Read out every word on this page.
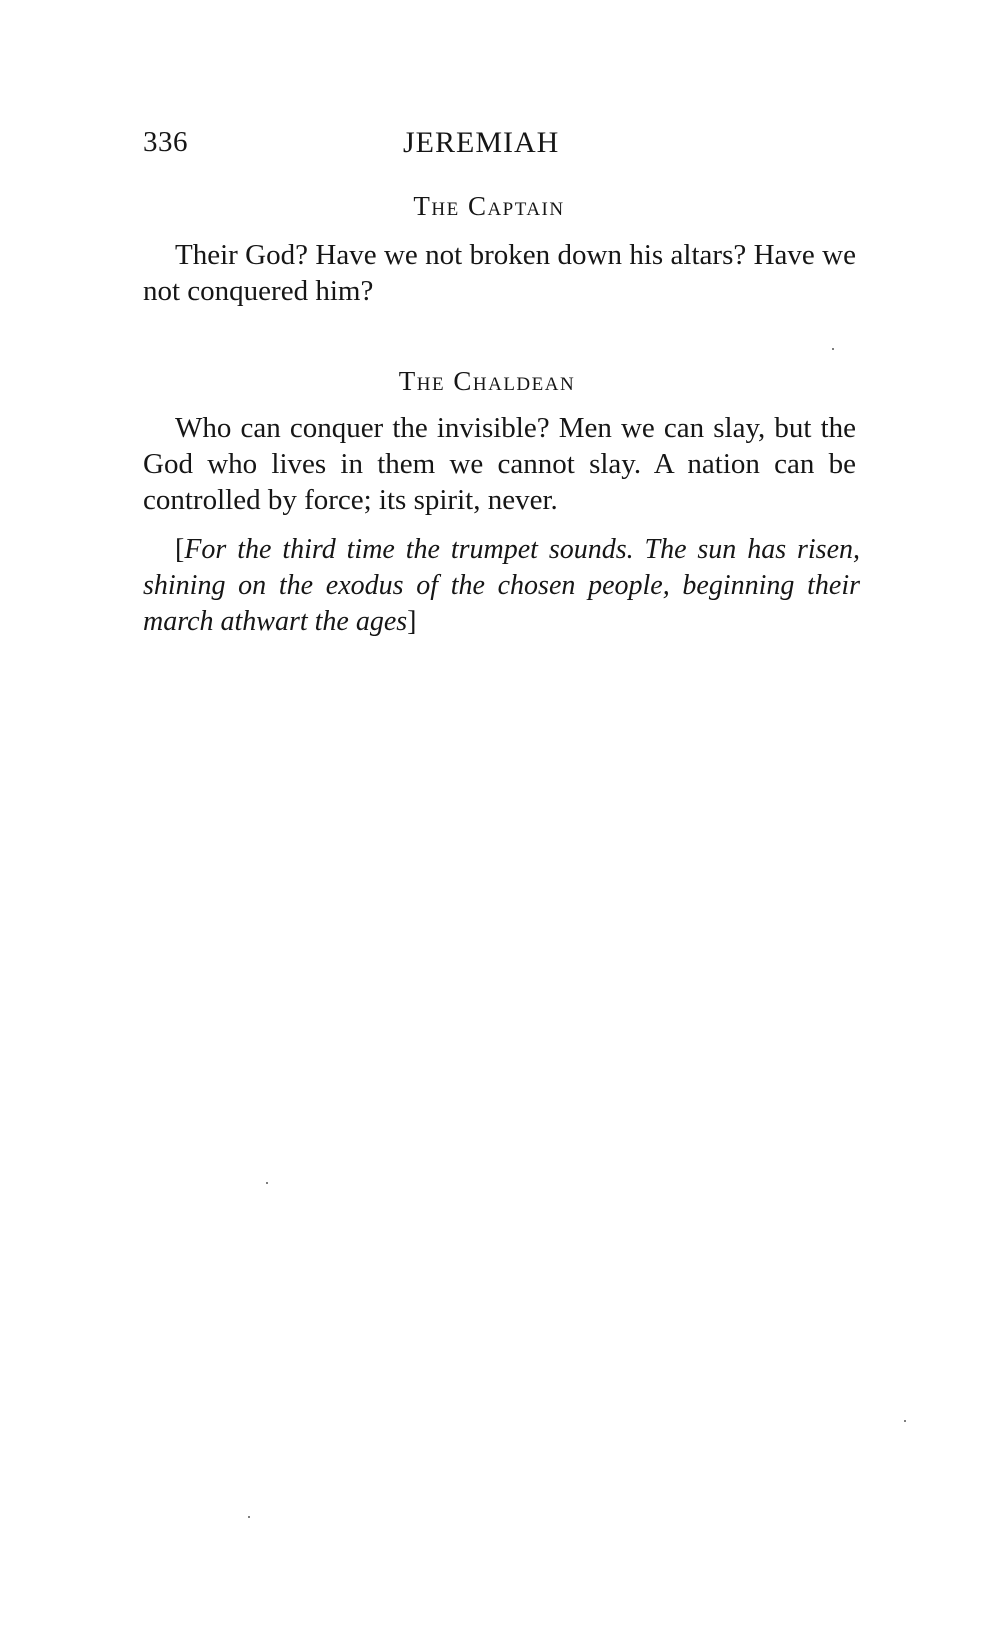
336	JEREMIAH
The Captain

Their God? Have we not broken down his altars? Have we not conquered him?

The Chaldean

Who can conquer the invisible? Men we can slay, but the God who lives in them we cannot slay. A nation can be controlled by force; its spirit, never.

[For the third time the trumpet sounds. The sun has risen, shining on the exodus of the chosen people, beginning their march athwart the ages]
